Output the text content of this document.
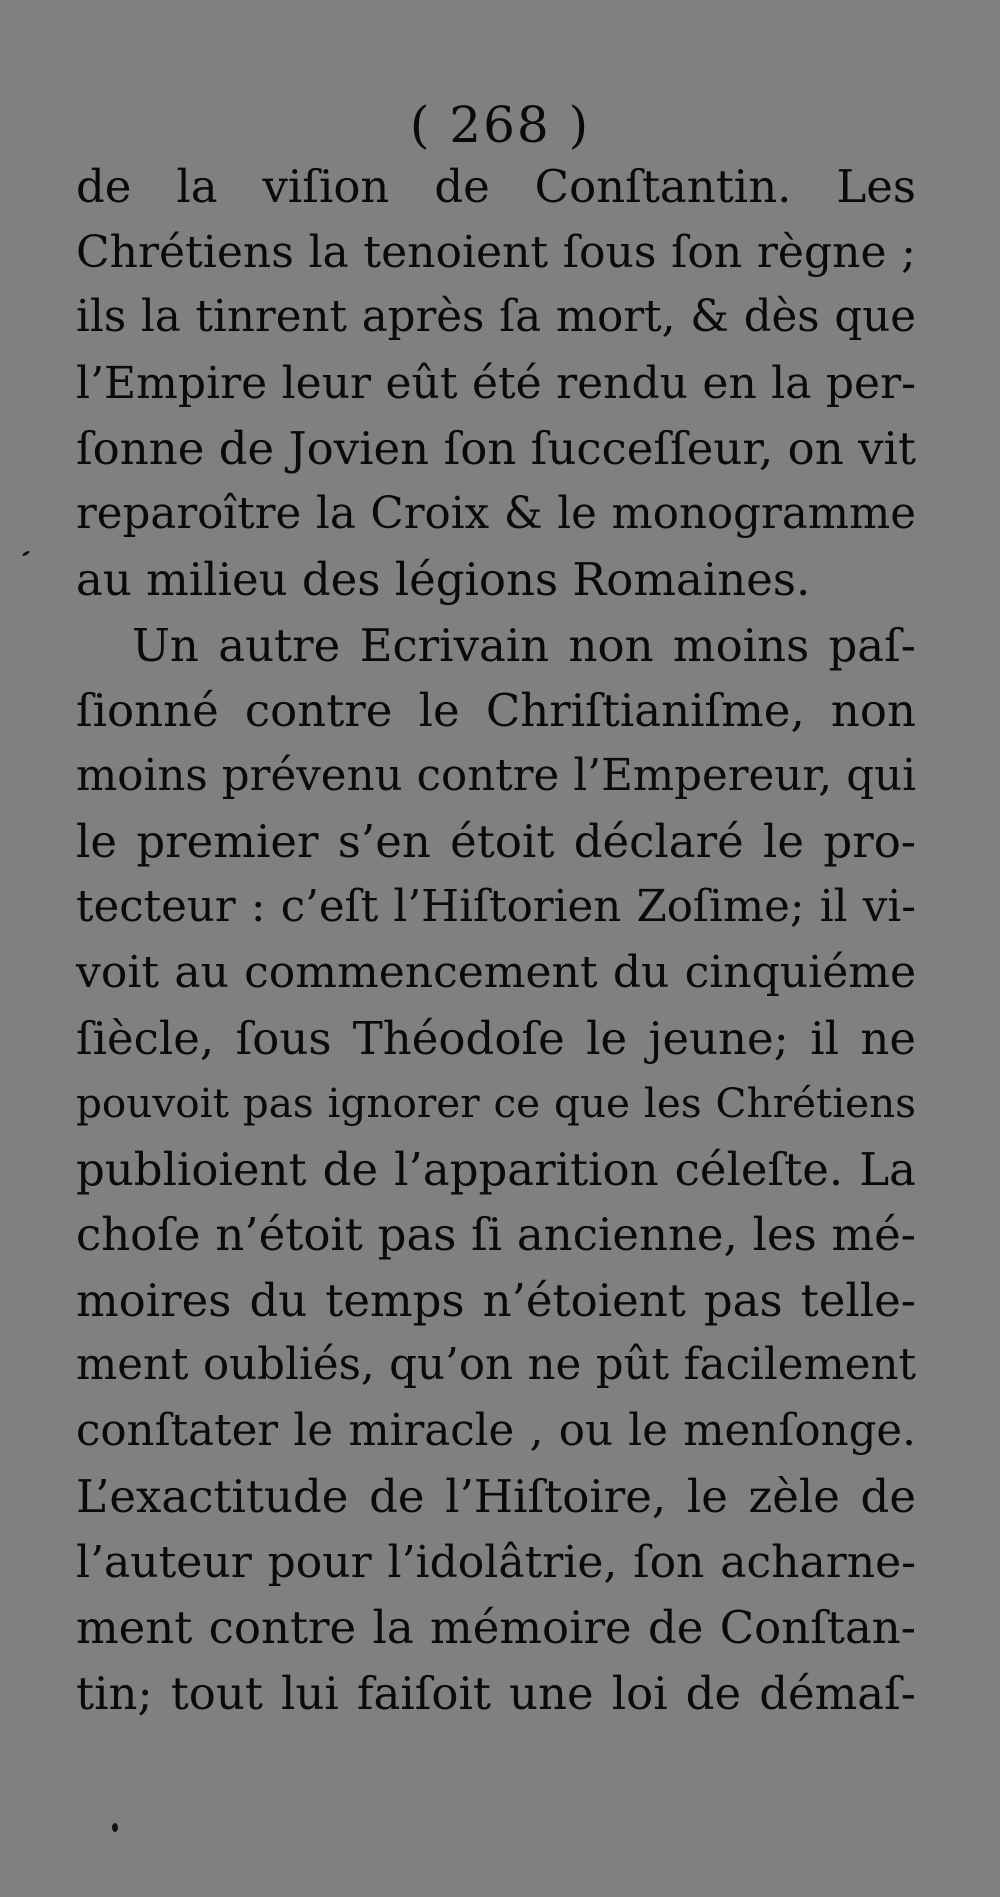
( 268 )
de la viſion de Conſtantin. Les
Chrétiens la tenoient ſous ſon règne ;
ils la tinrent après ſa mort, & dès que
l’Empire leur eût été rendu en la per-
ſonne de Jovien ſon ſucceſſeur, on vit
reparoître la Croix & le monogramme
au milieu des légions Romaines.
Un autre Ecrivain non moins paſ-
ſionné contre le Chriſtianiſme, non
moins prévenu contre l’Empereur, qui
le premier s’en étoit déclaré le pro-
tecteur : c’eſt l’Hiſtorien Zoſime; il vi-
voit au commencement du cinquiéme
ſiècle, ſous Théodoſe le jeune; il ne
pouvoit pas ignorer ce que les Chrétiens
publioient de l’apparition céleſte. La
choſe n’étoit pas ſi ancienne, les mé-
moires du temps n’étoient pas telle-
ment oubliés, qu’on ne pût facilement
conſtater le miracle , ou le menſonge.
L’exactitude de l’Hiſtoire, le zèle de
l’auteur pour l’idolâtrie, ſon acharne-
ment contre la mémoire de Conſtan-
tin; tout lui faiſoit une loi de démaſ-
